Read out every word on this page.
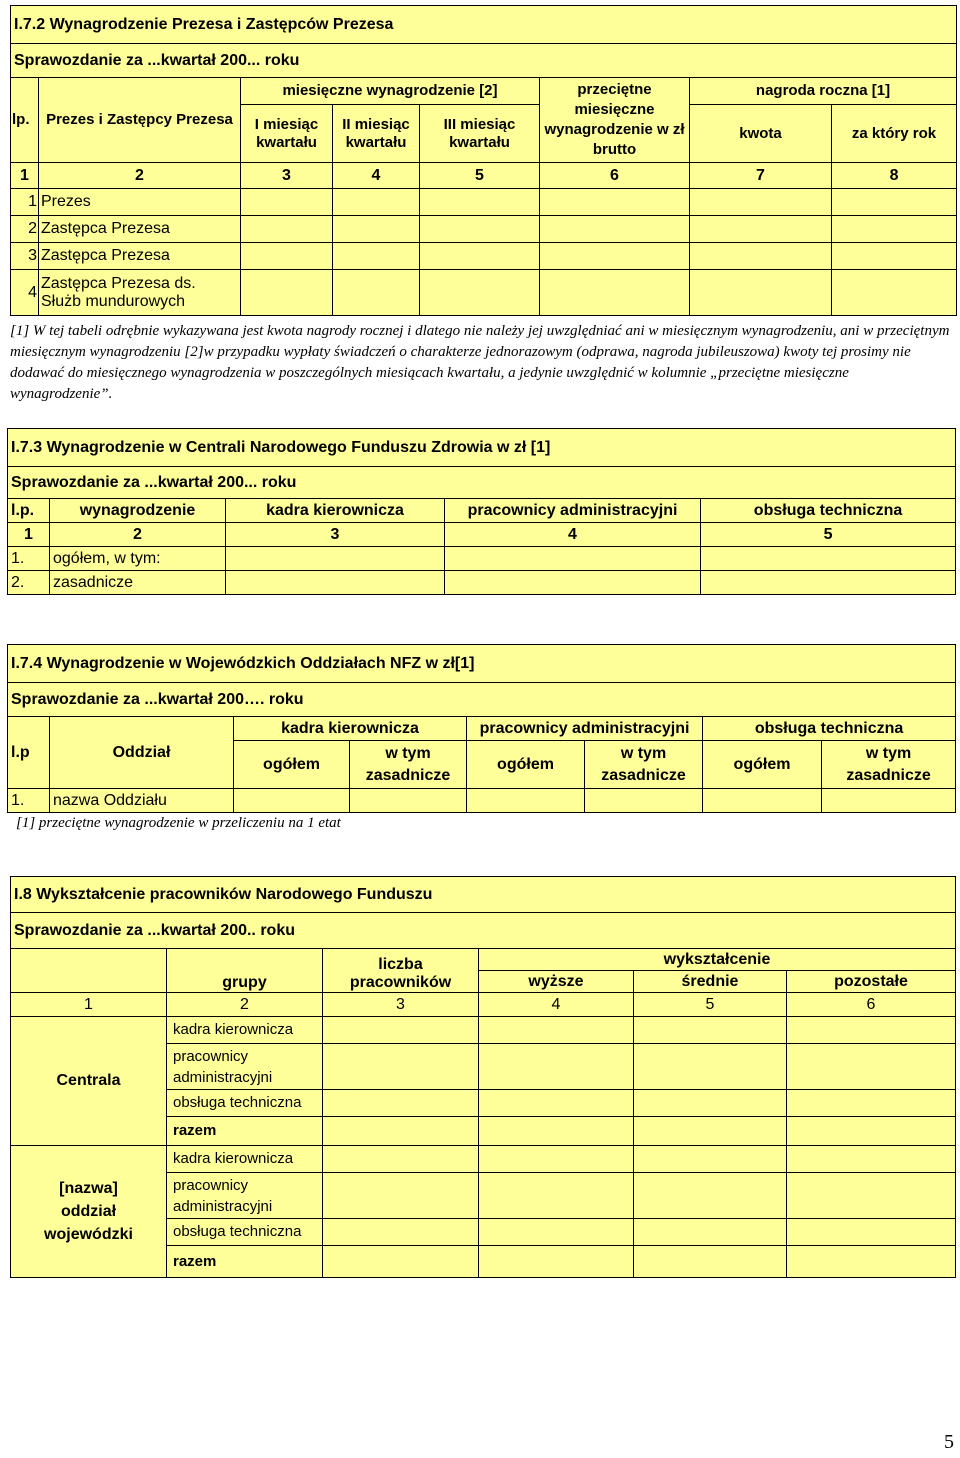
I.7.2 Wynagrodzenie Prezesa i Zastępców Prezesa							
Sprawozdanie za ...kwartał 200... roku							
lp.	Prezes i Zastępcy Prezesa	miesięczne wynagrodzenie [2]			przeciętne miesięczne wynagrodzenie w zł brutto	nagroda roczna [1]	
		I miesiąc kwartału	II miesiąc kwartału	III miesiąc kwartału		kwota	za który rok
1	2	3	4	5	6	7	8
1	Prezes						
2	Zastępca Prezesa						
3	Zastępca Prezesa						
4	Zastępca Prezesa ds. Służb mundurowych						
[1] W tej tabeli odrębnie wykazywana jest kwota nagrody rocznej i dlatego nie należy jej uwzględniać ani w miesięcznym wynagrodzeniu, ani w przeciętnym miesięcznym wynagrodzeniu [2]w przypadku wypłaty świadczeń o charakterze jednorazowym (odprawa, nagroda jubileuszowa) kwoty tej prosimy nie dodawać do miesięcznego wynagrodzenia w poszczególnych miesiącach kwartału, a jedynie uwzględnić w kolumnie „przeciętne miesięczne wynagrodzenie”.
I.7.3 Wynagrodzenie w Centrali Narodowego Funduszu Zdrowia w zł [1]				
Sprawozdanie za ...kwartał 200... roku				
l.p.	wynagrodzenie	kadra kierownicza	pracownicy administracyjni	obsługa techniczna
1	2	3	4	5
1.	ogółem, w tym:			
2.	zasadnicze			
I.7.4 Wynagrodzenie w Wojewódzkich Oddziałach NFZ w zł[1]							
Sprawozdanie za ...kwartał 200…. roku							
l.p	Oddział	kadra kierownicza		pracownicy administracyjni		obsługa techniczna	
		ogółem	w tym zasadnicze	ogółem	w tym zasadnicze	ogółem	w tym zasadnicze
1.	nazwa Oddziału						
[1] przeciętne wynagrodzenie w przeliczeniu na 1 etat
I.8 Wykształcenie pracowników Narodowego Funduszu					
Sprawozdanie za ...kwartał 200.. roku					
	grupy	liczba pracowników	wykształcenie		
			wyższe	średnie	pozostałe
1	2	3	4	5	6
Centrala	kadra kierownicza				

	pracownicy administracyjni				

	obsługa techniczna				
	razem				

[nazwa] oddział wojewódzki	kadra kierownicza				

	pracownicy administracyjni				

	obsługa techniczna				
	razem				
5
